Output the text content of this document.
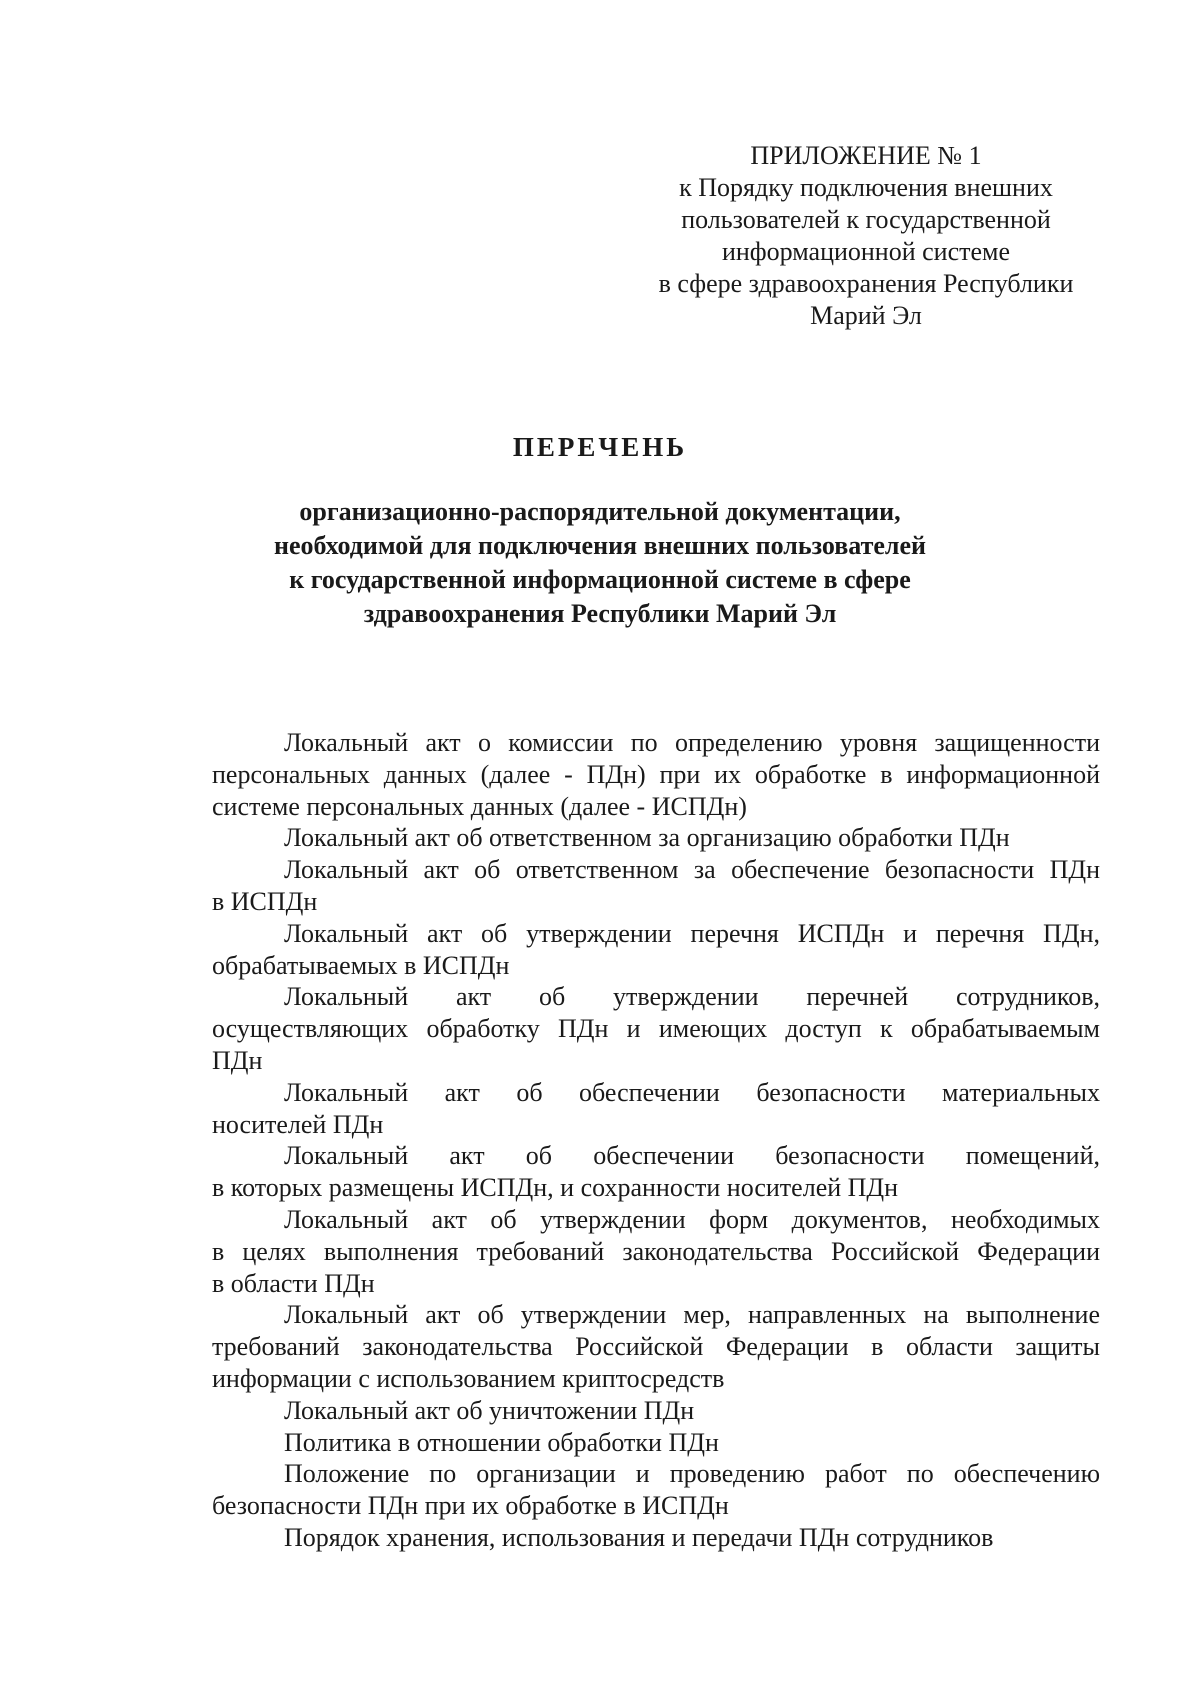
ПРИЛОЖЕНИЕ № 1
к Порядку подключения внешних
пользователей к государственной
информационной системе
в сфере здравоохранения Республики
Марий Эл
ПЕРЕЧЕНЬ
организационно-распорядительной документации,
необходимой для подключения внешних пользователей
к государственной информационной системе в сфере
здравоохранения Республики Марий Эл
Локальный акт о комиссии по определению уровня защищенности
персональных данных (далее - ПДн) при их обработке в информационной
системе персональных данных (далее - ИСПДн)
Локальный акт об ответственном за организацию обработки ПДн
Локальный акт об ответственном за обеспечение безопасности ПДн
в ИСПДн
Локальный акт об утверждении перечня ИСПДн и перечня ПДн,
обрабатываемых в ИСПДн
Локальный акт об утверждении перечней сотрудников,
осуществляющих обработку ПДн и имеющих доступ к обрабатываемым
ПДн
Локальный акт об обеспечении безопасности материальных
носителей ПДн
Локальный акт об обеспечении безопасности помещений,
в которых размещены ИСПДн, и сохранности носителей ПДн
Локальный акт об утверждении форм документов, необходимых
в целях выполнения требований законодательства Российской Федерации
в области ПДн
Локальный акт об утверждении мер, направленных на выполнение
требований законодательства Российской Федерации в области защиты
информации с использованием криптосредств
Локальный акт об уничтожении ПДн
Политика в отношении обработки ПДн
Положение по организации и проведению работ по обеспечению
безопасности ПДн при их обработке в ИСПДн
Порядок хранения, использования и передачи ПДн сотрудников
